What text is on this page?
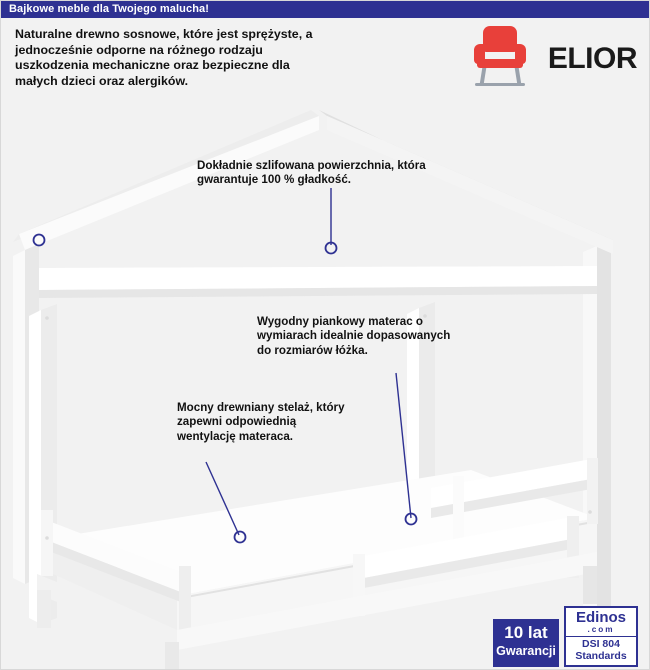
Bajkowe meble dla Twojego malucha!
Naturalne drewno sosnowe, które jest sprężyste, a jednocześnie odporne na różnego rodzaju uszkodzenia mechaniczne oraz bezpieczne dla małych dzieci oraz alergików.
ELIOR
Dokładnie szlifowana powierzchnia, która gwarantuje 100 % gładkość.
Wygodny piankowy materac o wymiarach idealnie dopasowanych do rozmiarów łóżka.
Mocny drewniany stelaż, który zapewni odpowiednią wentylację materaca.
10 lat
Gwarancji
Edinos
.com
DSI 804
Standards
